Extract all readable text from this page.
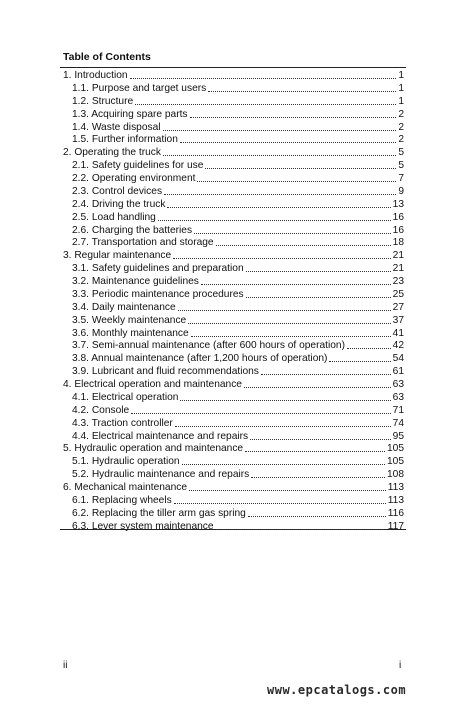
Table of Contents
1. Introduction	1
1.1. Purpose and target users	1
1.2. Structure	1
1.3. Acquiring spare parts	2
1.4. Waste disposal	2
1.5. Further information	2
2. Operating the truck	5
2.1. Safety guidelines for use	5
2.2. Operating environment	7
2.3. Control devices	9
2.4. Driving the truck	13
2.5. Load handling	16
2.6. Charging the batteries	16
2.7. Transportation and storage	18
3. Regular maintenance	21
3.1. Safety guidelines and preparation	21
3.2. Maintenance guidelines	23
3.3. Periodic maintenance procedures	25
3.4. Daily maintenance	27
3.5. Weekly maintenance	37
3.6. Monthly maintenance	41
3.7. Semi-annual maintenance (after 600 hours of operation)	42
3.8. Annual maintenance (after 1,200 hours of operation)	54
3.9. Lubricant and fluid recommendations	61
4. Electrical operation and maintenance	63
4.1. Electrical operation	63
4.2. Console	71
4.3. Traction controller	74
4.4. Electrical maintenance and repairs	95
5. Hydraulic operation and maintenance	105
5.1. Hydraulic operation	105
5.2. Hydraulic maintenance and repairs	108
6. Mechanical maintenance	113
6.1. Replacing wheels	113
6.2. Replacing the tiller arm gas spring	116
6.3. Lever system maintenance	117
ii	i
www.epcatalogs.com
